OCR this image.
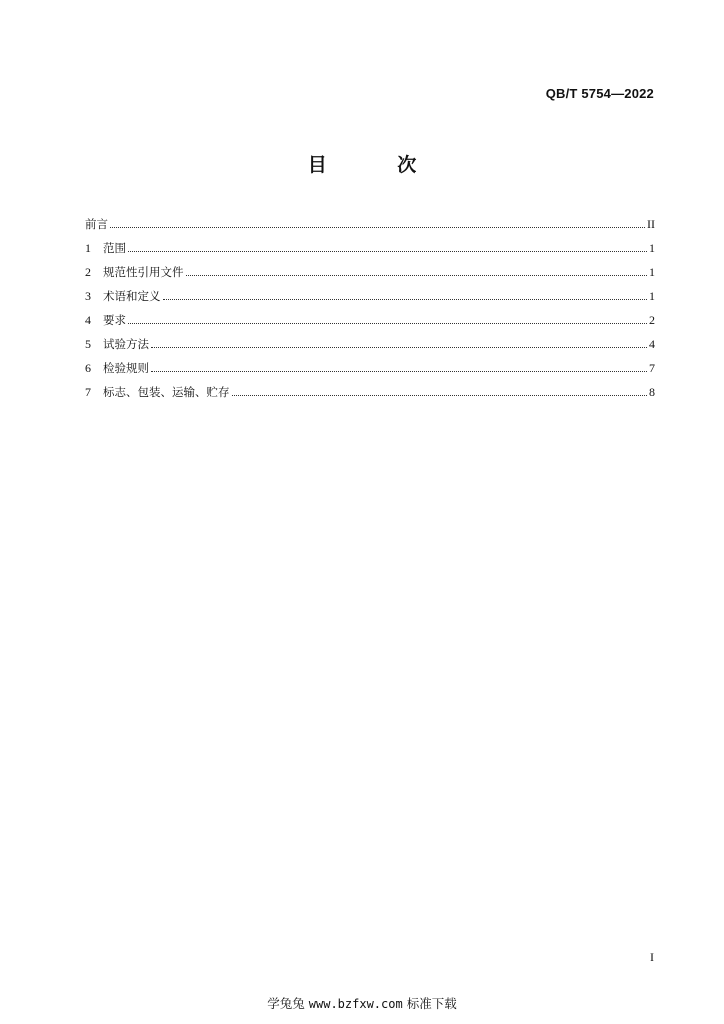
QB/T 5754—2022
目 次
前言	II
1	范围	1
2	规范性引用文件	1
3	术语和定义	1
4	要求	2
5	试验方法	4
6	检验规则	7
7	标志、包装、运输、贮存	8
I
学兔兔 www.bzfxw.com 标准下载
